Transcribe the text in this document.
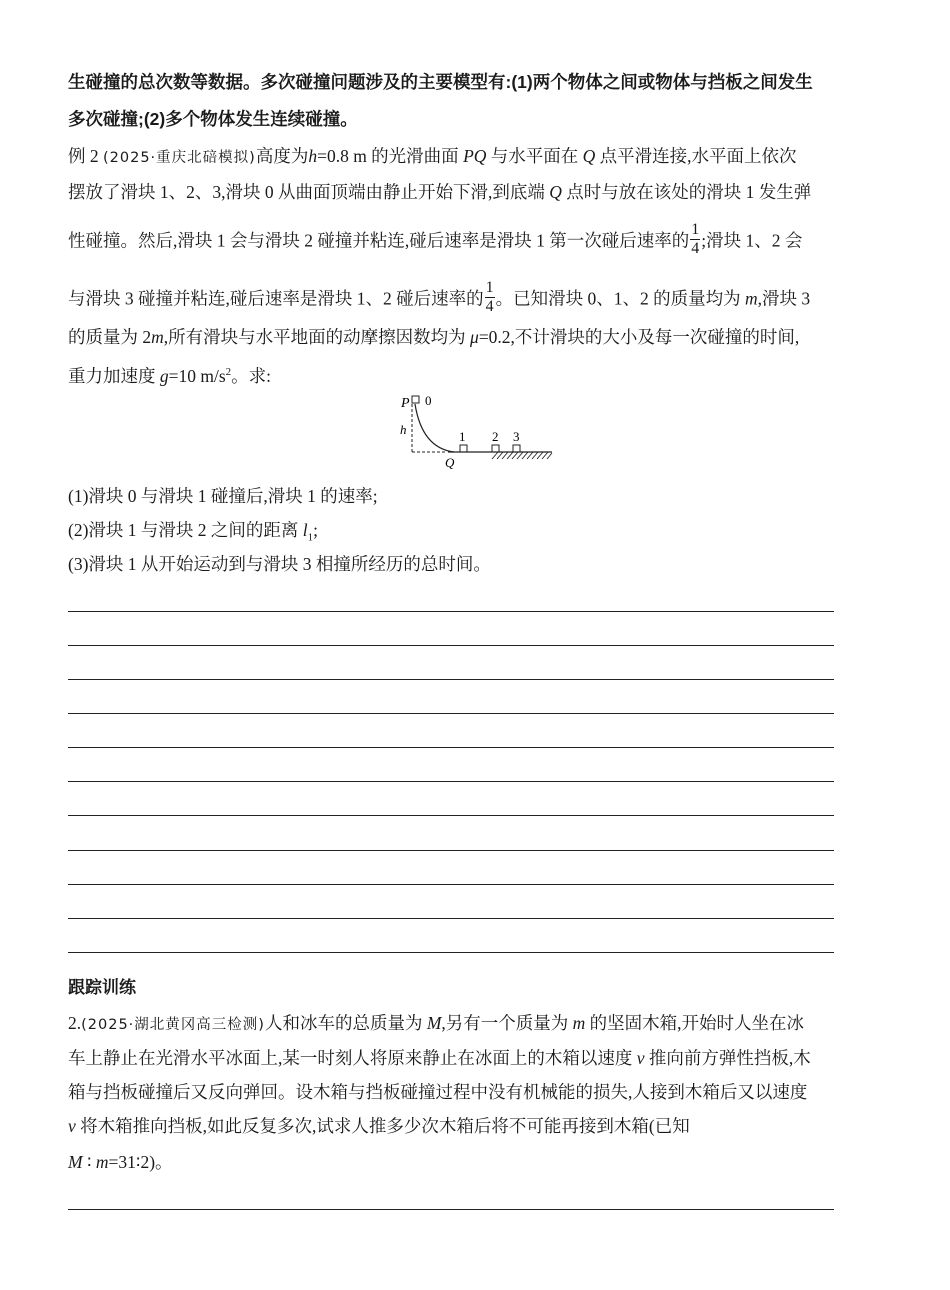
生碰撞的总次数等数据。多次碰撞问题涉及的主要模型有:(1)两个物体之间或物体与挡板之间发生
多次碰撞;(2)多个物体发生连续碰撞。
例 2 (2025·重庆北碚模拟)高度为h=0.8 m 的光滑曲面 PQ 与水平面在 Q 点平滑连接,水平面上依次
摆放了滑块 1、2、3,滑块 0 从曲面顶端由静止开始下滑,到底端 Q 点时与放在该处的滑块 1 发生弹
性碰撞。然后,滑块 1 会与滑块 2 碰撞并粘连,碰后速率是滑块 1 第一次碰后速率的 $\frac{1}{4}$ ;滑块 1、2 会
与滑块 3 碰撞并粘连,碰后速率是滑块 1、2 碰后速率的 $\frac{1}{4}$ 。已知滑块 0、1、2 的质量均为 m,滑块 3
的质量为 2m,所有滑块与水平地面的动摩擦因数均为 μ=0.2,不计滑块的大小及每一次碰撞的时间,
重力加速度 g=10 $m/s^2$。求:
P 0
h
Q
1 2 3
(1)滑块 0 与滑块 1 碰撞后,滑块 1 的速率;
(2)滑块 1 与滑块 2 之间的距离 $l_1$;
(3)滑块 1 从开始运动到与滑块 3 相撞所经历的总时间。
跟踪训练
2.(2025·湖北黄冈高三检测)人和冰车的总质量为 M,另有一个质量为 m 的坚固木箱,开始时人坐在冰
车上静止在光滑水平冰面上,某一时刻人将原来静止在冰面上的木箱以速度 v 推向前方弹性挡板,木
箱与挡板碰撞后又反向弹回。设木箱与挡板碰撞过程中没有机械能的损失,人接到木箱后又以速度
v 将木箱推向挡板,如此反复多次,试求人推多少次木箱后将不可能再接到木箱(已知
M ∶ m=31∶2)。
